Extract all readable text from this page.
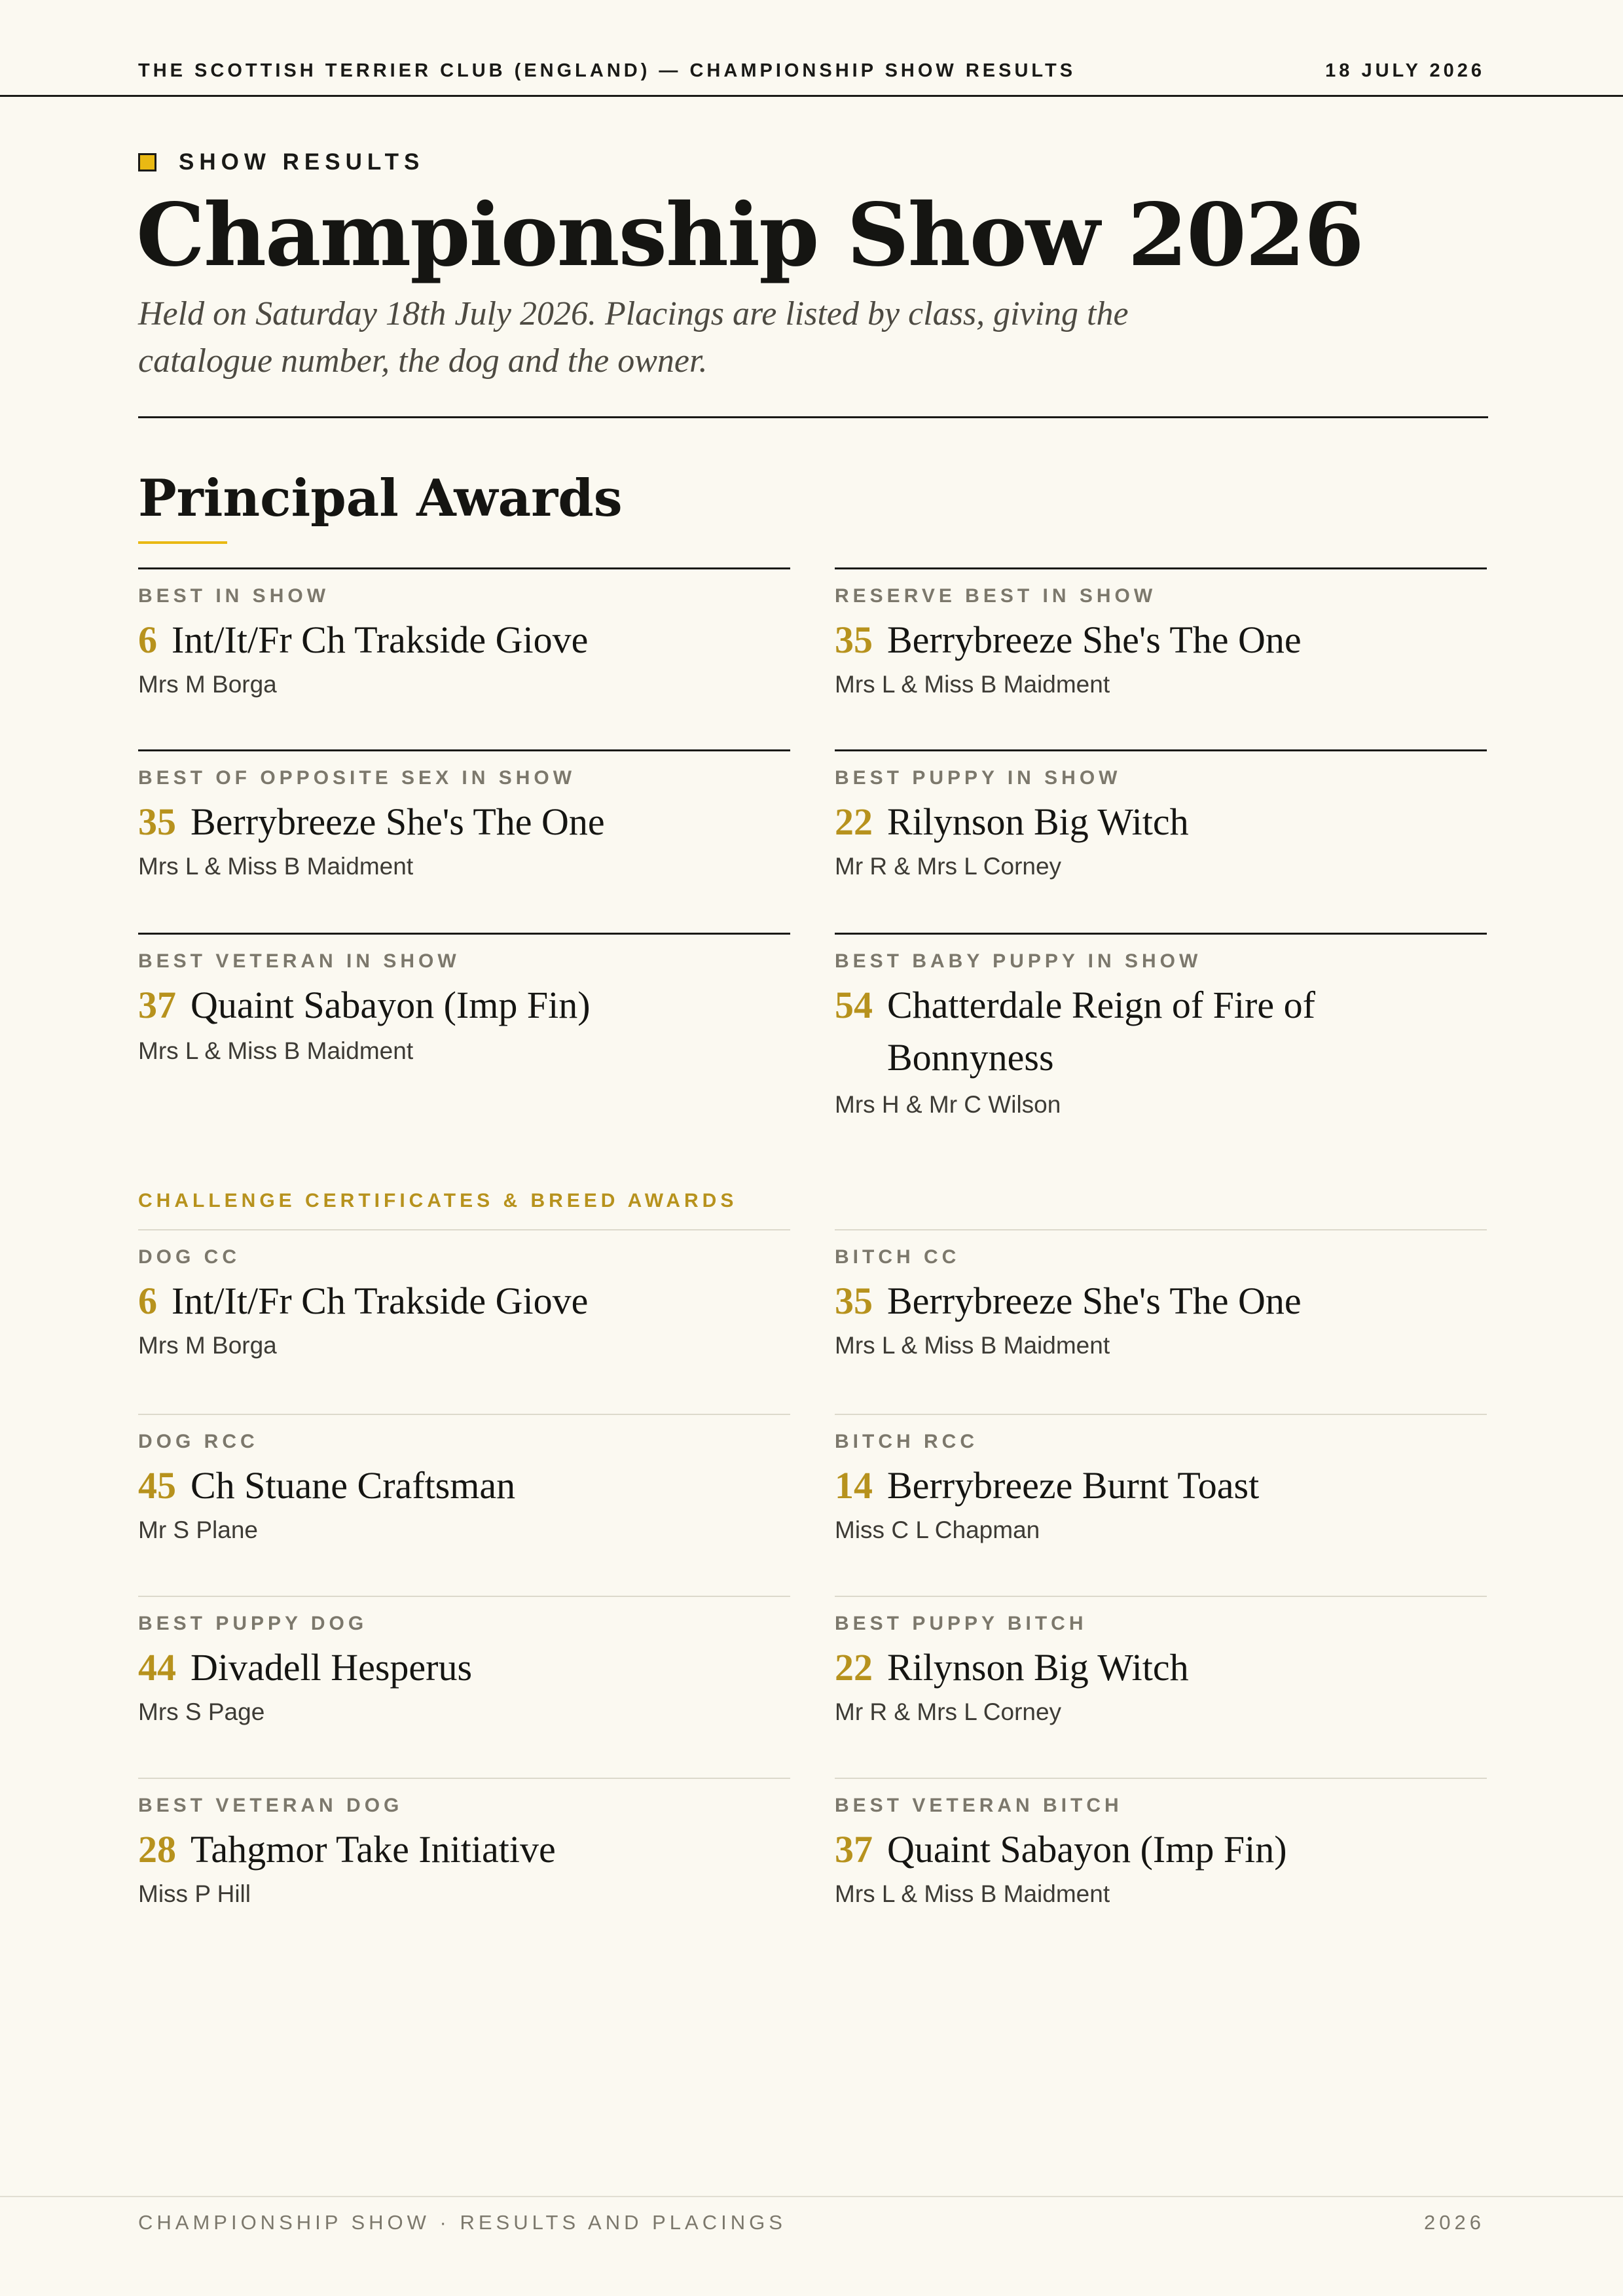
THE SCOTTISH TERRIER CLUB (ENGLAND) — CHAMPIONSHIP SHOW RESULTS	18 JULY 2026
SHOW RESULTS
Championship Show 2026

Held on Saturday 18th July 2026. Placings are listed by class, giving the catalogue number, the dog and the owner.

Principal Awards
BEST IN SHOW
6 Int/It/Fr Ch Trakside Giove
Mrs M Borga
RESERVE BEST IN SHOW
35 Berrybreeze She's The One
Mrs L & Miss B Maidment
BEST OF OPPOSITE SEX IN SHOW
35 Berrybreeze She's The One
Mrs L & Miss B Maidment
BEST PUPPY IN SHOW
22 Rilynson Big Witch
Mr R & Mrs L Corney
BEST VETERAN IN SHOW
37 Quaint Sabayon (Imp Fin)
Mrs L & Miss B Maidment
BEST BABY PUPPY IN SHOW
54 Chatterdale Reign of Fire of Bonnyness
Mrs H & Mr C Wilson
CHALLENGE CERTIFICATES & BREED AWARDS
DOG CC
6 Int/It/Fr Ch Trakside Giove
Mrs M Borga
BITCH CC
35 Berrybreeze She's The One
Mrs L & Miss B Maidment
DOG RCC
45 Ch Stuane Craftsman
Mr S Plane
BITCH RCC
14 Berrybreeze Burnt Toast
Miss C L Chapman
BEST PUPPY DOG
44 Divadell Hesperus
Mrs S Page
BEST PUPPY BITCH
22 Rilynson Big Witch
Mr R & Mrs L Corney
BEST VETERAN DOG
28 Tahgmor Take Initiative
Miss P Hill
BEST VETERAN BITCH
37 Quaint Sabayon (Imp Fin)
Mrs L & Miss B Maidment
CHAMPIONSHIP SHOW · RESULTS AND PLACINGS	2026
